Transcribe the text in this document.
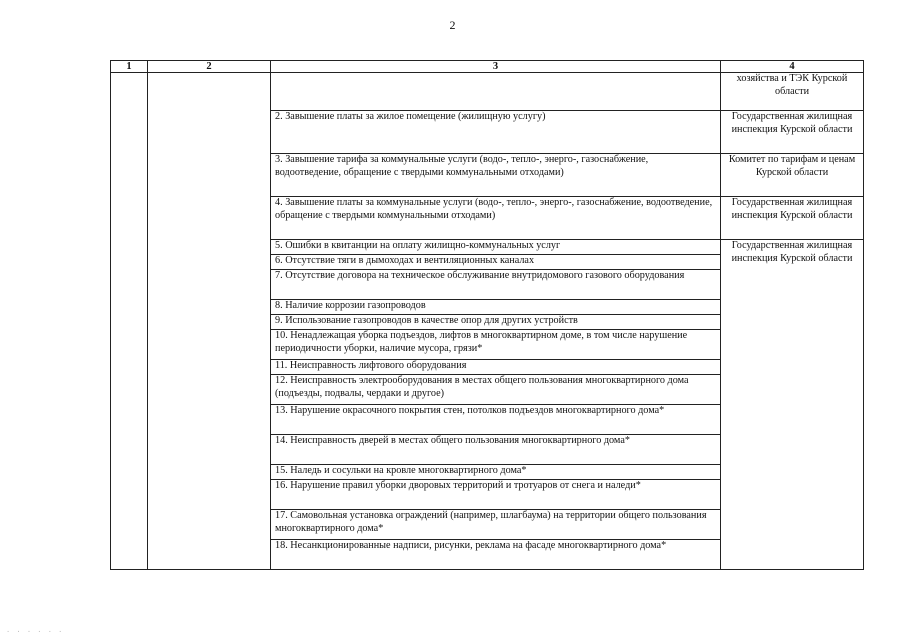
2
1	2	3	4
			хозяйства и ТЭК Курской области
		2. Завышение платы за жилое помещение (жилищную услугу)	Государственная жилищная инспекция Курской области
		3. Завышение тарифа за коммунальные услуги (водо-, тепло-, энерго-, газоснабжение, водоотведение, обращение с твердыми коммунальными отходами)	Комитет по тарифам и ценам Курской области
		4. Завышение платы за коммунальные услуги (водо-, тепло-, энерго-, газоснабжение, водоотведение, обращение с твердыми коммунальными отходами)	Государственная жилищная инспекция Курской области
		5. Ошибки в квитанции на оплату жилищно-коммунальных услуг	Государственная жилищная инспекция Курской области
		6. Отсутствие тяги в дымоходах и вентиляционных каналах	
		7. Отсутствие договора на техническое обслуживание внутридомового газового оборудования	
		8. Наличие коррозии газопроводов	
		9. Использование газопроводов в качестве опор для других устройств	
		10. Ненадлежащая уборка подъездов, лифтов в многоквартирном доме, в том числе нарушение периодичности уборки, наличие мусора, грязи*	
		11. Неисправность лифтового оборудования	
		12. Неисправность электрооборудования в местах общего пользования многоквартирного дома (подъезды, подвалы, чердаки и другое)	
		13. Нарушение окрасочного покрытия стен, потолков подъездов многоквартирного дома*	
		14. Неисправность дверей в местах общего пользования многоквартирного дома*	
		15. Наледь и сосульки на кровле многоквартирного дома*	
		16. Нарушение правил уборки дворовых территорий и тротуаров от снега и наледи*	
		17. Самовольная установка ограждений (например, шлагбаума) на территории общего пользования многоквартирного дома*	
		18. Несанкционированные надписи, рисунки, реклама на фасаде многоквартирного дома*	
· · · · · ·
